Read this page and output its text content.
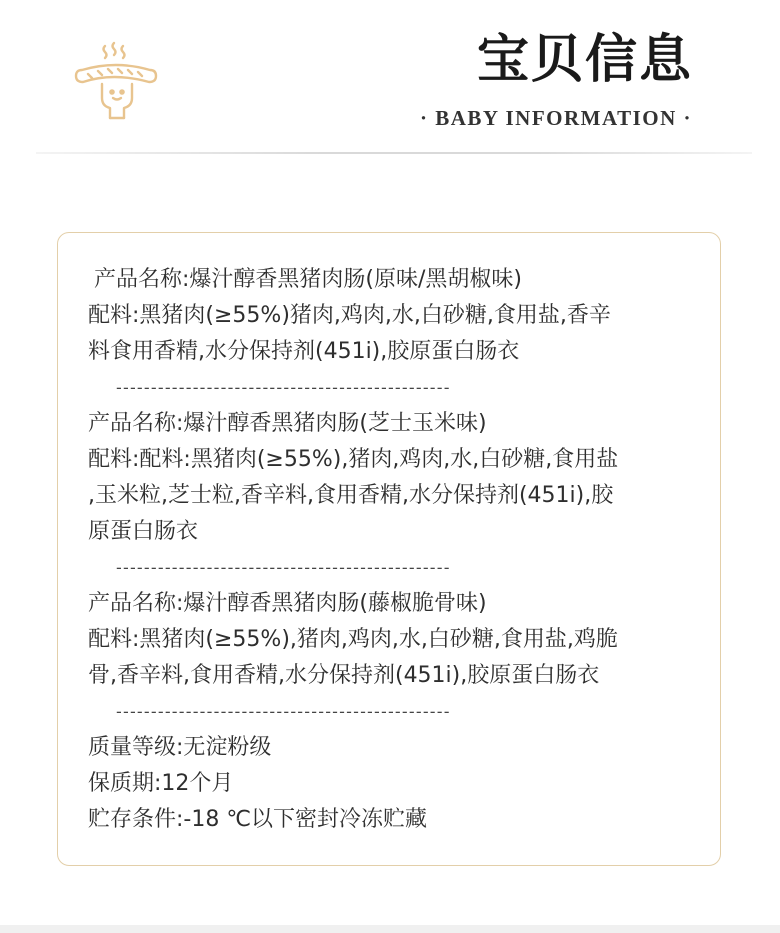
宝贝信息
· BABY INFORMATION ·
产品名称:爆汁醇香黑猪肉肠(原味/黑胡椒味)
配料:黑猪肉(≥55%)猪肉,鸡肉,水,白砂糖,食用盐,香辛
料食用香精,水分保持剂(451i),胶原蛋白肠衣
------------------------------------------------
产品名称:爆汁醇香黑猪肉肠(芝士玉米味)
配料:配料:黑猪肉(≥55%),猪肉,鸡肉,水,白砂糖,食用盐
,玉米粒,芝士粒,香辛料,食用香精,水分保持剂(451i),胶
原蛋白肠衣
------------------------------------------------
产品名称:爆汁醇香黑猪肉肠(藤椒脆骨味)
配料:黑猪肉(≥55%),猪肉,鸡肉,水,白砂糖,食用盐,鸡脆
骨,香辛料,食用香精,水分保持剂(451i),胶原蛋白肠衣
------------------------------------------------
质量等级:无淀粉级
保质期:12个月
贮存条件:-18 ℃以下密封冷冻贮藏
